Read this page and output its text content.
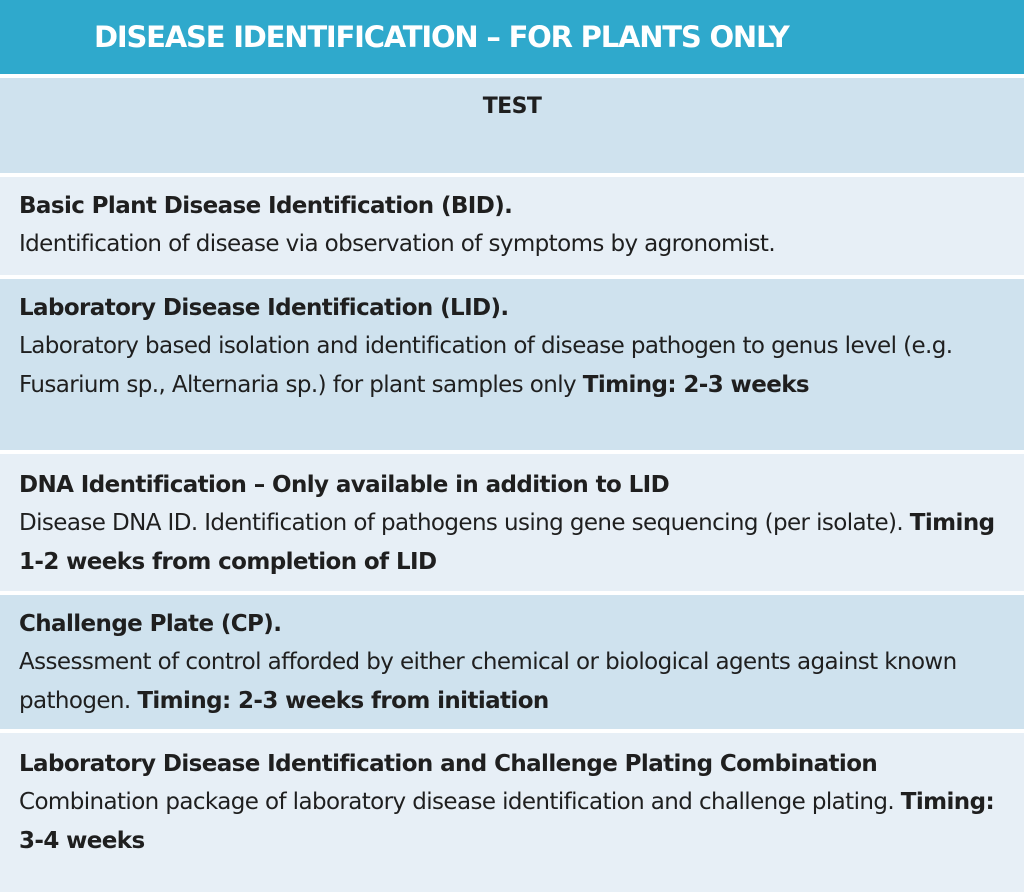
DISEASE IDENTIFICATION – FOR PLANTS ONLY
TEST
Basic Plant Disease Identification (BID).
Identification of disease via observation of symptoms by agronomist.
Laboratory Disease Identification (LID).
Laboratory based isolation and identification of disease pathogen to genus level (e.g. Fusarium sp., Alternaria sp.) for plant samples only Timing: 2-3 weeks
DNA Identification – Only available in addition to LID
Disease DNA ID. Identification of pathogens using gene sequencing (per isolate). Timing 1-2 weeks from completion of LID
Challenge Plate (CP).
Assessment of control afforded by either chemical or biological agents against known pathogen. Timing: 2-3 weeks from initiation
Laboratory Disease Identification and Challenge Plating Combination
Combination package of laboratory disease identification and challenge plating. Timing: 3-4 weeks
